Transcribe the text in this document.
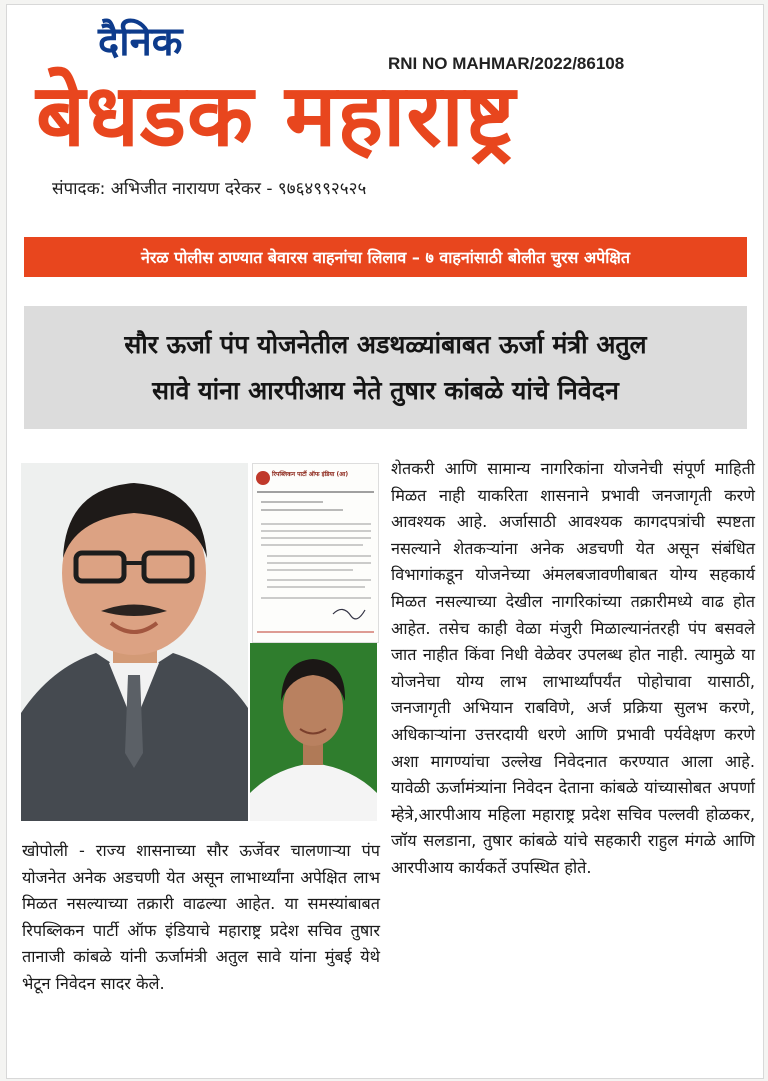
दैनिक
बेधडक महाराष्ट्र
RNI NO MAHMAR/2022/86108
संपादक: अभिजीत नारायण दरेकर - ९७६४९९२५२५
नेरळ पोलीस ठाण्यात बेवारस वाहनांचा लिलाव – ७ वाहनांसाठी बोलीत चुरस अपेक्षित
सौर ऊर्जा पंप योजनेतील अडथळ्यांबाबत ऊर्जा मंत्री अतुल
सावे यांना आरपीआय नेते तुषार कांबळे यांचे निवेदन
रिपब्लिकन पार्टी ऑफ इंडिया (आ)	शेतकरी आणि सामान्य नागरिकांना योजनेची संपूर्ण माहिती मिळत नाही याकरिता शासनाने प्रभावी जनजागृती करणे आवश्यक आहे. अर्जासाठी आवश्यक कागदपत्रांची स्पष्टता नसल्याने शेतकऱ्यांना अनेक अडचणी येत असून संबंधित विभागांकडून योजनेच्या अंमलबजावणीबाबत योग्य सहकार्य मिळत नसल्याच्या देखील नागरिकांच्या तक्रारीमध्ये वाढ होत आहेत. तसेच काही वेळा मंजुरी मिळाल्यानंतरही पंप बसवले जात नाहीत किंवा निधी वेळेवर उपलब्ध होत नाही. त्यामुळे या योजनेचा योग्य लाभ लाभार्थ्यांपर्यंत पोहोचावा यासाठी, जनजागृती अभियान राबविणे, अर्ज प्रक्रिया सुलभ करणे, अधिकाऱ्यांना उत्तरदायी धरणे आणि प्रभावी पर्यवेक्षण करणे अशा मागण्यांचा उल्लेख निवेदनात करण्यात आला आहे. यावेळी ऊर्जामंत्र्यांना निवेदन देताना कांबळे यांच्यासोबत अपर्णा म्हेत्रे,आरपीआय महिला महाराष्ट्र प्रदेश सचिव पल्लवी होळकर, जॉय सलडाना, तुषार कांबळे यांचे सहकारी राहुल मंगळे आणि आरपीआय कार्यकर्ते उपस्थित होते.

खोपोली - राज्य शासनाच्या सौर ऊर्जेवर चालणाऱ्या पंप योजनेत अनेक अडचणी येत असून लाभार्थ्यांना अपेक्षित लाभ मिळत नसल्याच्या तक्रारी वाढल्या आहेत. या समस्यांबाबत रिपब्लिकन पार्टी ऑफ इंडियाचे महाराष्ट्र प्रदेश सचिव तुषार तानाजी कांबळे यांनी ऊर्जामंत्री अतुल सावे यांना मुंबई येथे भेटून निवेदन सादर केले.
